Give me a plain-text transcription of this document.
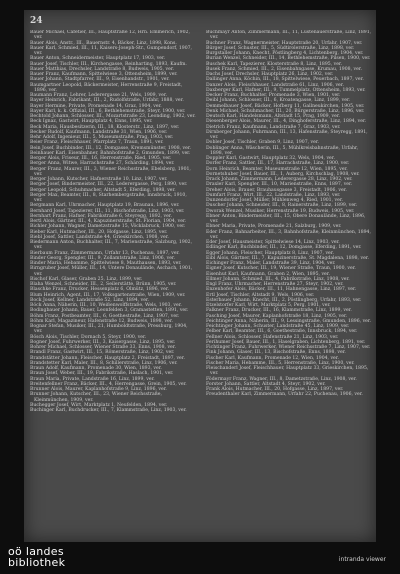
24

Bauer Michael, Cafetier, III., Hauptstraße 12, Hrn. Emmerich, 1902, ver.

Bauer Alois, Anstr., III., Bauernstr. 4, Bäcker, Linz, 1898, Kons.

Bauer Karl, Schmied, III., 11, Kaisers-Joseph-Str., Gumpendorf, 1907, ver.

Bauer Anton, Schneidermeister, Hauptplatz 17, 1903, ver.

Bauer Josef, Tischler, III., Kirchengasse, Reinharting, 1893, Kaufm.

Bauer Matthias, Drechsler, Landstraße 8, Budweis, 1905, ver.

Bauer Franz, Kaufmann, Spittelwiese 3, Ottensheim, 1899, ver.

Bauer Johann, Stadtpfarrer, III., 9, Eisenhandstr., 1901, ver.

Baumgartner Leopold, Bäckermeister, Herrenstraße 9, Freistadt, 1896, ver.

Baumann Franz, Lehrer, Lederergasse 21, Wels, 1909, ver.

Bayer Heinrich, Fabrikant, III., 2, Rudolfstraße, Urfahr, 1888, ver.

Bayer Hermine, Private, Promenade 14, Graz, 1904, ver.

Bayer Karl, k. k. Offizial, III., 6, Bethlehemstraße, Steyr, 1900, ver.

Bechtold Johann, Schlosser, III., Mozartstraße 23, Leonding, 1902, ver.

Beck Ignaz, Gastwirt, Hauptplatz 4, Enns, 1895, ver.

Beck Maria, Hausbesitzerin, III., 18, Klosterstr., Linz, 1897, ver.

Becker Rudolf, Kaufmann, Landstraße 31, Wien, 1906, ver.

Behr Adolf, Ingenieur, III., 5, Museumstraße, Prag, 1903, ver.

Beier Franz, Fleischhauer, Pfarrplatz 7, Traun, 1891, ver.

Bein Josef, Buchbinder, III., 12, Domgasse, Kremsmünster, 1908, ver.

Beinhauer Karl, Eisenbahner, Bahnhofstraße 2, Gmunden, 1899, ver.

Berger Alois, Friseur, III., 16, Herrenstraße, Ried, 1905, ver.

Berger Anna, Witwe, Harrachstraße 27, Schärding, 1894, ver.

Berger Franz, Maurer, III., 3, Wiener Reichsstraße, Ebelsberg, 1901, ver.

Berger Johann, Kutscher, Hafnerstraße 10, Linz, 1907, ver.

Berger Josef, Bindermeister, III., 22, Lederergasse, Perg, 1890, ver.

Berger Leopold, Schuhmacher, Altstadt 5, Eferding, 1898, ver.

Berger Max, Beamter, III., 8, Starhembergstraße, Innsbruck, 1910, ver.

Bergmann Karl, Uhrmacher, Hauptplatz 19, Braunau, 1896, ver.

Bernhard Josef, Tapezierer, III., 11, Bischofstraße, Linz, 1903, ver.

Bernhart Franz, Hafner, Fabrikstraße 6, Steyregg, 1892, ver.

Bertl Alois, Gärtner, III., 4, Kapuzinerstraße, St. Florian, 1904, ver.

Bichler Johann, Wagner, Dametzstraße 15, Vöcklabruck, 1900, ver.

Bieber Karl, Hutmacher, III., 20, Hofgasse, Linz, 1895, ver.

Biebl Josef, Sattler, Landstraße 44, Grieskirchen, 1908, ver.

Biedermann Anton, Buchhalter, III., 7, Marienstraße, Salzburg, 1902, ver.

Bierbaum Franz, Zimmermann, Urfahr 13, Puchenau, 1897, ver.

Binder Georg, Spengler, III., 9, Zollamtstraße, Linz, 1906, ver.

Binder Maria, Hebamme, Spittelwiese 8, Mauthausen, 1893, ver.

Birngruber Josef, Müller, III., 14, Untere Donaulände, Aschach, 1901, ver.

Bischof Karl, Glaser, Graben 25, Linz, 1899, ver.

Blaha Wenzel, Schneider, III., 2, Seilerstätte, Brünn, 1905, ver.

Blaschke Franz, Drucker, Hessenplatz 6, Olmütz, 1896, ver.

Blum Heinrich, Agent, III., 17, Volksgartenstraße, Wien, 1909, ver.

Bock Josef, Kellner, Landstraße 52, Linz, 1894, ver.

Böck Anna, Näherin, III., 10, Weißenwolffstraße, Wels, 1903, ver.

Bodingbauer Johann, Bauer, Leonfelden 3, Gramastetten, 1891, ver.

Böhm Franz, Postbeamter, III., 6, Goethestraße, Linz, 1907, ver.

Böhm Karl, Magazineur, Hafenstraße 12, Budweis, 1898, ver.

Bognar Stefan, Musiker, III., 21, Humboldtstraße, Pressburg, 1904, ver.

Bösch Alois, Tischler, Dornach 5, Steyr, 1900, ver.

Bogner Josef, Fuhrwerker, III., 3, Kaisergasse, Linz, 1895, ver.

Bohrer Michael, Schlosser, Wiener Straße 33, Enns, 1908, ver.

Brandl Franz, Gastwirt, III., 15, Römerstraße, Linz, 1902, ver.

Brandstätter Johann, Fleischer, Hauptplatz 2, Freistadt, 1897, ver.

Brandstetter Karl, Maler, III., 8, Schillerstraße, Linz, 1906, ver.

Braun Adolf, Kaufmann, Promenade 30, Wien, 1893, ver.

Braun Josef, Weber, III., 19, Fabrikstraße, Haslach, 1901, ver.

Braun Maria, Private, Landstraße 16, Linz, 1899, ver.

Breitenfellner Franz, Bäcker, III., 4, Herrengasse, Grein, 1905, ver.

Brunner Alois, Maurer, Kaplanhofstraße 9, Linz, 1896, ver.

Brunner Johann, Kutscher, III., 23, Wiener Reichsstraße, Kleinmünchen, 1909, ver.

Buchegger Josef, Wirt, Marktplatz 1, Neufelden, 1894, ver.

Buchinger Karl, Buchdrucker, III., 7, Klammstraße, Linz, 1903, ver.

Buchmayr Anton, Zimmermann, III., 11, Lustenauerstraße, Linz, 1891, ver.

Buchner Franz, Wagnermeister, Hauptstraße 20, Urfahr, 1907, ver.

Bürger Josef, Schuster, III., 5, Südtirolerstraße, Linz, 1898, ver.

Burgstaller Johann, Knecht, Pöstlingberg 4, Lichtenberg, 1904, ver.

Burian Wenzel, Schneider, III., 14, Bethlehemstraße, Pilsen, 1900, ver.

Buschek Karl, Tapezierer, Klosterstraße 8, Linz, 1895, ver.

Busek Franz, Schmied, III., 2, Eisenbahngasse, Krumau, 1908, ver.

Dachs Josef, Drechsler, Hauptplatz 26, Linz, 1902, ver.

Dallinger Anna, Köchin, III., 18, Spittelwiese, Peuerbach, 1897, ver.

Danzer Alois, Fleischhauer, Landstraße 61, Linz, 1906, ver.

Daxberger Karl, Hafner, III., 9, Tummelplatz, Ottensheim, 1893, ver.

Decker Franz, Buchhalter, Promenade 3, Wien, 1901, ver.

Deibl Johann, Schlosser, III., 6, Kroatengasse, Linz, 1899, ver.

Demmelbauer Josef, Bäcker, Hofberg 11, Gallneukirchen, 1905, ver.

Denk Michael, Schuhmacher, III., 20, Bürgerstraße, Linz, 1896, ver.

Deutsch Karl, Handelsmann, Altstadt 15, Prag, 1909, ver.

Diesenberger Alois, Maurer, III., 4, Dinghoferstraße, Linz, 1894, ver.

Dietrich Franz, Kaufmann, Landstraße 7, Graz, 1903, ver.

Dirnberger Johann, Fuhrmann, III., 13, Hafenstraße, Steyregg, 1891, ver.

Dobler Josef, Tischler, Graben 9, Linz, 1907, ver.

Doblinger Anna, Wäscherin, III., 5, Mühlkreisbahnstraße, Urfahr, 1898, ver.

Doppler Karl, Gastwirt, Hauptplatz 32, Wels, 1904, ver.

Dorfer Franz, Sattler, III., 17, Harrachstraße, Linz, 1900, ver.

Dorn Heinrich, Beamter, Museumstraße 12, Wien, 1895, ver.

Dornetshuber Josef, Bauer, III., 1, Auberg, Kirchschlag, 1908, ver.

Drack Johann, Zimmermann, Lederergasse 28, Linz, 1902, ver.

Draxler Karl, Spengler, III., 10, Marienstraße, Enns, 1897, ver.

Dreher Alois, Brauer, Brauhausgasse 3, Freistadt, 1906, ver.

Dumfart Franz, Wirt, III., 22, Landstraße, Linz, 1893, ver.

Dunzendorfer Josef, Müller, Mühlenweg 4, Ried, 1901, ver.

Duscher Johann, Schneider, III., 8, Rainerstraße, Linz, 1899, ver.

Dworak Wenzel, Musiker, Herrenstraße 19, Budweis, 1905, ver.

Ebner Anton, Bindermeister, III., 15, Obere Donaulände, Linz, 1896, ver.

Ebner Maria, Private, Promenade 21, Salzburg, 1909, ver.

Eder Franz, Bahnarbeiter, III., 3, Bahnhofstraße, Kleinmünchen, 1894, ver.

Eder Josef, Hausmeister, Spittelwiese 14, Linz, 1903, ver.

Edlinger Karl, Buchbinder, III., 12, Domgasse, Eferding, 1891, ver.

Egger Johann, Fleischer, Hauptplatz 8, Linz, 1907, ver.

Eibl Alois, Gärtner, III., 7, Kapuzinerstraße, St. Magdalena, 1898, ver.

Eichinger Franz, Maler, Landstraße 39, Linz, 1904, ver.

Eigner Josef, Kutscher, III., 19, Wiener Straße, Traun, 1900, ver.

Eisenhut Karl, Kaufmann, Graben 2, Wien, 1895, ver.

Ellmer Johann, Schmied, III., 4, Fabrikstraße, Linz, 1908, ver.

Engl Franz, Uhrmacher, Herrenstraße 27, Steyr, 1902, ver.

Enzenhofer Alois, Bäcker, III., 11, Hahnengasse, Linz, 1897, ver.

Ertl Josef, Tischler, Altstadt 9, Wels, 1906, ver.

Esterbauer Johann, Knecht, III., 2, Pöstlingberg, Urfahr, 1893, ver.

Etzelstorfer Karl, Wirt, Marktplatz 5, Perg, 1901, ver.

Falkner Franz, Drucker, III., 16, Klammstraße, Linz, 1899, ver.

Fasching Josef, Maurer, Kaplanhofstraße 18, Linz, 1905, ver.

Feichtinger Anna, Näherin, III., 9, Lessingstraße, Gmunden, 1896, ver.

Feichtinger Johann, Schuster, Landstraße 45, Linz, 1909, ver.

Felber Karl, Beamter, III., 6, Goethestraße, Innsbruck, 1894, ver.

Fellner Alois, Schlosser, Hafenstraße 21, Linz, 1903, ver.

Ferihumer Josef, Bauer, III., 1, Haselgraben, Lichtenberg, 1891, ver.

Fichtinger Franz, Fuhrwerker, Wiener Reichsstraße 7, Linz, 1907, ver.

Fink Johann, Glaser, III., 13, Bischofstraße, Enns, 1898, ver.

Fischer Karl, Kaufmann, Promenade 12, Wien, 1904, ver.

Fischer Maria, Hebamme, III., 5, Herrenstraße, Linz, 1900, ver.

Fleischanderl Josef, Fleischhauer, Hauptplatz 33, Grieskirchen, 1895, ver.

Födermayr Franz, Wagner, III., 8, Dametzstraße, Linz, 1908, ver.

Forster Johann, Sattler, Altstadt 4, Steyr, 1902, ver.

Frank Alois, Hutmacher, III., 20, Hofgasse, Linz, 1897, ver.

Freudenthaler Karl, Zimmermann, Urfahr 22, Puchenau, 1906, ver.

oö landes
bibliothek	intranda viewer
